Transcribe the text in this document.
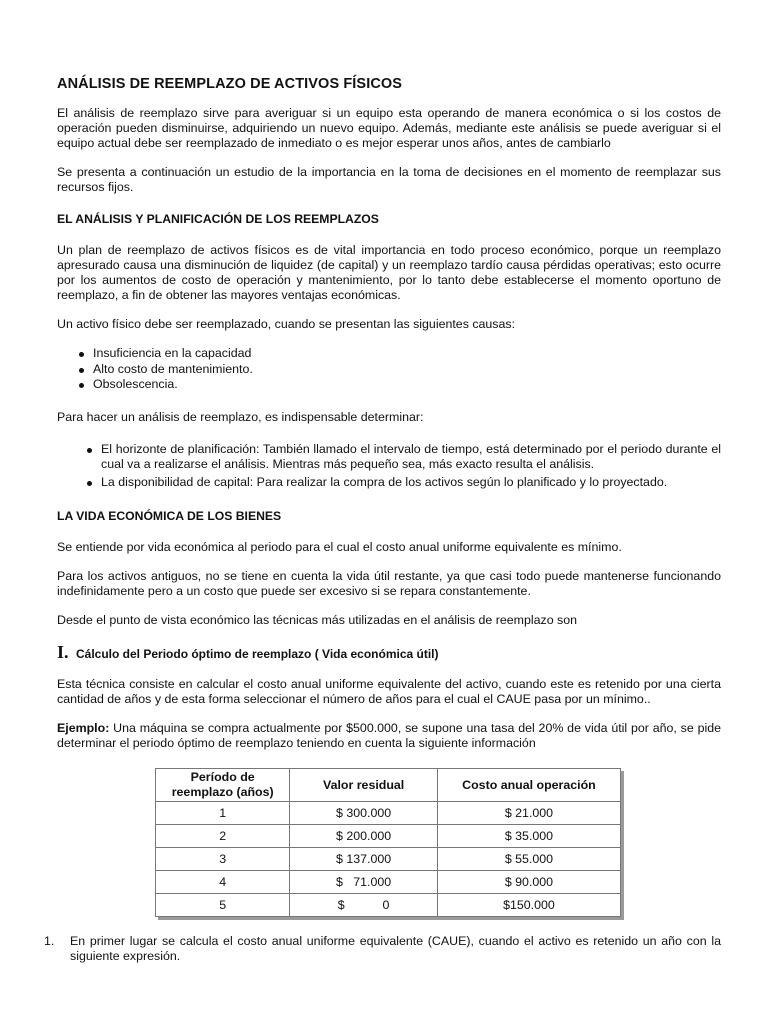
ANÁLISIS DE REEMPLAZO DE ACTIVOS FÍSICOS

El análisis de reemplazo sirve para averiguar si un equipo esta operando de manera económica o si los costos de operación pueden disminuirse, adquiriendo un nuevo equipo. Además, mediante este análisis se puede averiguar si el equipo actual debe ser reemplazado de inmediato o es mejor esperar unos años, antes de cambiarlo

Se presenta a continuación un estudio de la importancia en la toma de decisiones en el momento de reemplazar sus recursos fijos.

EL ANÁLISIS Y PLANIFICACIÓN DE LOS REEMPLAZOS

Un plan de reemplazo de activos físicos es de vital importancia en todo proceso económico, porque un reemplazo apresurado causa una disminución de liquidez (de capital) y un reemplazo tardío causa pérdidas operativas; esto ocurre por los aumentos de costo de operación y mantenimiento, por lo tanto debe establecerse el momento oportuno de reemplazo, a fin de obtener las mayores ventajas económicas.

Un activo físico debe ser reemplazado, cuando se presentan las siguientes causas:

Insuficiencia en la capacidad
Alto costo de mantenimiento.
Obsolescencia.

Para hacer un análisis de reemplazo, es indispensable determinar:

El horizonte de planificación: También llamado el intervalo de tiempo, está determinado por el periodo durante el cual va a realizarse el análisis. Mientras más pequeño sea, más exacto resulta el análisis.
La disponibilidad de capital: Para realizar la compra de los activos según lo planificado y lo proyectado.
LA VIDA ECONÓMICA DE LOS BIENES

Se entiende por vida económica al periodo para el cual el costo anual uniforme equivalente es mínimo.

Para los activos antiguos, no se tiene en cuenta la vida útil restante, ya que casi todo puede mantenerse funcionando indefinidamente pero a un costo que puede ser excesivo si se repara constantemente.

Desde el punto de vista económico las técnicas más utilizadas en el análisis de reemplazo son

I. Cálculo del Periodo óptimo de reemplazo ( Vida económica útil)

Esta técnica consiste en calcular el costo anual uniforme equivalente del activo, cuando este es retenido por una cierta cantidad de años y de esta forma seleccionar el número de años para el cual el CAUE pasa por un mínimo..

Ejemplo: Una máquina se compra actualmente por $500.000, se supone una tasa del 20% de vida útil por año, se pide determinar el periodo óptimo de reemplazo teniendo en cuenta la siguiente información

Período de reemplazo (años)	Valor residual	Costo anual operación
1	$ 300.000	$ 21.000
2	$ 200.000	$ 35.000
3	$ 137.000	$ 55.000
4	$   71.000	$ 90.000
5	$           0	$150.000
1.	En primer lugar se calcula el costo anual uniforme equivalente (CAUE), cuando el activo es retenido un año con la siguiente expresión.
